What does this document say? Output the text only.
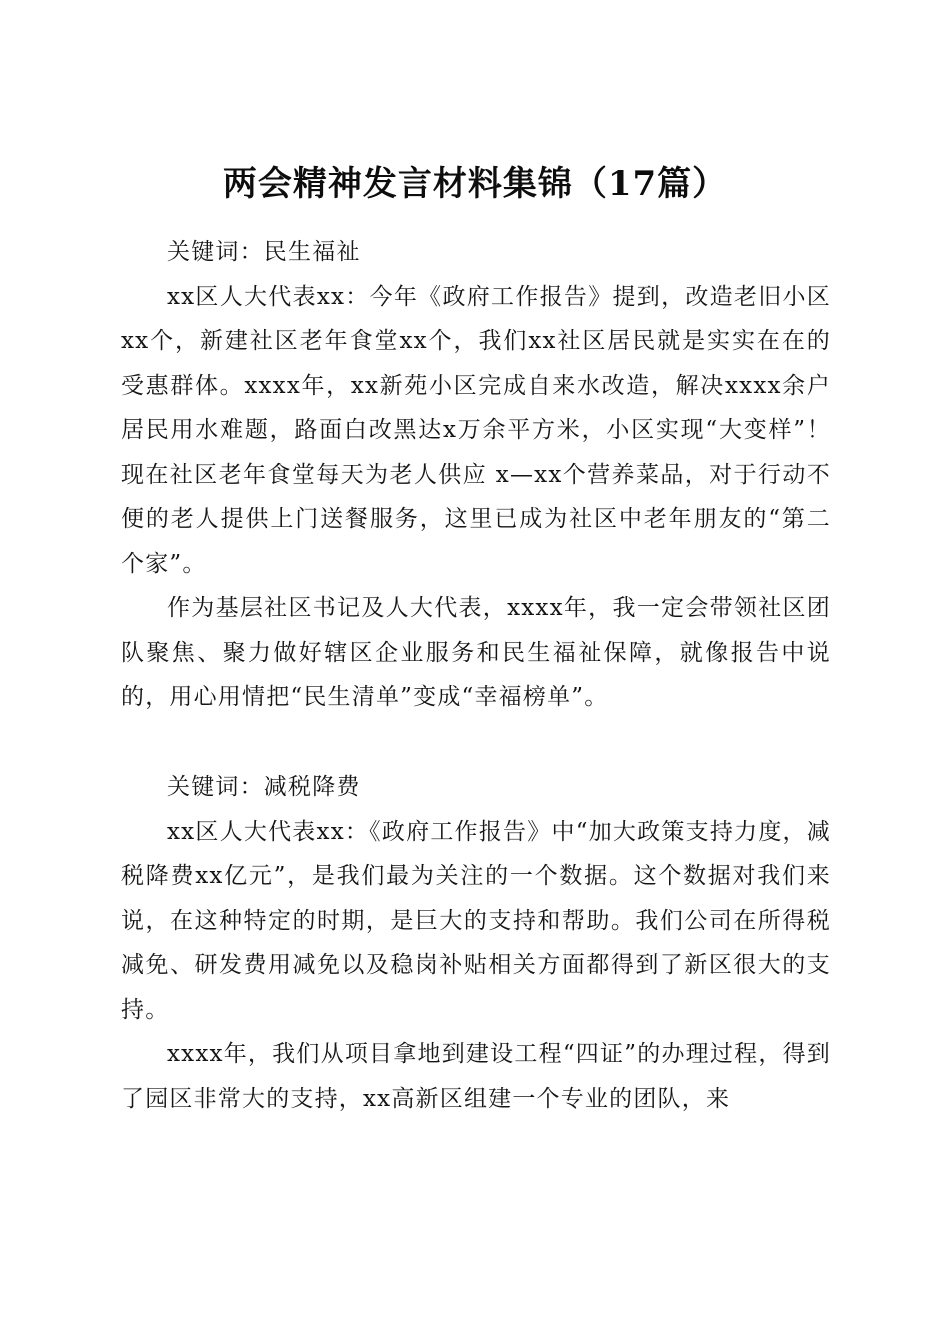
两会精神发言材料集锦（17篇）

关键词：民生福祉

xx区人大代表xx：今年《政府工作报告》提到，改造老旧小区xx个，新建社区老年食堂xx个，我们xx社区居民就是实实在在的受惠群体。xxxx年，xx新苑小区完成自来水改造，解决xxxx余户居民用水难题，路面白改黑达x万余平方米，小区实现“大变样”！现在社区老年食堂每天为老人供应 x—xx个营养菜品，对于行动不便的老人提供上门送餐服务，这里已成为社区中老年朋友的“第二个家”。

作为基层社区书记及人大代表，xxxx年，我一定会带领社区团队聚焦、聚力做好辖区企业服务和民生福祉保障，就像报告中说的，用心用情把“民生清单”变成“幸福榜单”。

关键词：减税降费

xx区人大代表xx：《政府工作报告》中“加大政策支持力度，减税降费xx亿元”，是我们最为关注的一个数据。这个数据对我们来说，在这种特定的时期，是巨大的支持和帮助。我们公司在所得税减免、研发费用减免以及稳岗补贴相关方面都得到了新区很大的支持。

xxxx年，我们从项目拿地到建设工程“四证”的办理过程，得到了园区非常大的支持，xx高新区组建一个专业的团队，来
